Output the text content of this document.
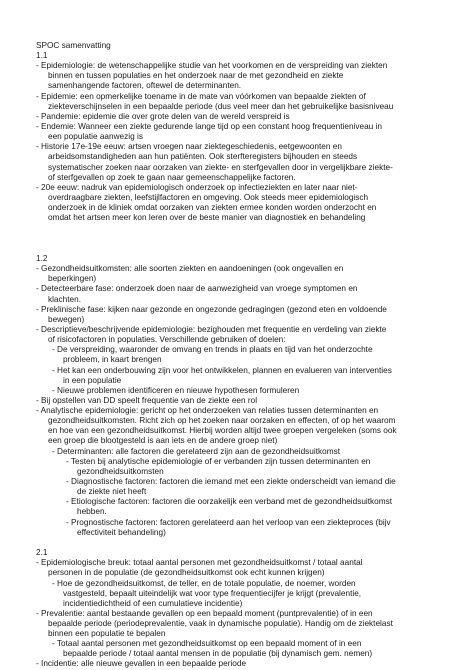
SPOC samenvatting
1.1
- Epidemiologie: de wetenschappelijke studie van het voorkomen en de verspreiding van ziekten
binnen en tussen populaties en het onderzoek naar de met gezondheid en ziekte
samenhangende factoren, oftewel de determinanten.
- Epidemie: een opmerkelijke toename in de mate van vóórkomen van bepaalde ziekten of
ziekteverschijnselen in een bepaalde periode (dus veel meer dan het gebruikelijke basisniveau
- Pandemie: epidemie die over grote delen van de wereld verspreid is
- Endemie: Wanneer een ziekte gedurende lange tijd op een constant hoog frequentieniveau in
een populatie aanwezig is
- Historie 17e-19e eeuw: artsen vroegen naar ziektegeschiedenis, eetgewoonten en
arbeidsomstandigheden aan hun patiënten. Ook sterfteregisters bijhouden en steeds
systematischer zoeken naar oorzaken van ziekte- en sterfgevallen door in vergelijkbare ziekte-
of sterfgevallen op zoek te gaan naar gemeenschappelijke factoren.
- 20e eeuw: nadruk van epidemiologisch onderzoek op infectieziekten en later naar niet-
overdraagbare ziekten, leefstijlfactoren en omgeving. Ook steeds meer epidemiologisch
onderzoek in de kliniek omdat oorzaken van ziekten ermee konden worden onderzocht en
omdat het artsen meer kon leren over de beste manier van diagnostiek en behandeling
1.2
- Gezondheidsuitkomsten: alle soorten ziekten en aandoeningen (ook ongevallen en
beperkingen)
- Detecteerbare fase: onderzoek doen naar de aanwezigheid van vroege symptomen en
klachten.
- Preklinische fase: kijken naar gezonde en ongezonde gedragingen (gezond eten en voldoende
bewegen)
- Descriptieve/beschrijvende epidemiologie: bezighouden met frequentie en verdeling van ziekte
of risicofactoren in populaties. Verschillende gebruiken of doelen:
- De verspreiding, waaronder de omvang en trends in plaats en tijd van het onderzochte
probleem, in kaart brengen
- Het kan een onderbouwing zijn voor het ontwikkelen, plannen en evalueren van interventies
in een populatie
- Nieuwe problemen identificeren en nieuwe hypothesen formuleren
- Bij opstellen van DD speelt frequentie van de ziekte een rol
- Analytische epidemiologie: gericht op het onderzoeken van relaties tussen determinanten en
gezondheidsuitkomsten. Richt zich op het zoeken naar oorzaken en effecten, of op het waarom
en hoe van een gezondheidsuitkomst. Hierbij worden altijd twee groepen vergeleken (soms ook
een groep die blootgesteld is aan iets en de andere groep niet)
- Determinanten: alle factoren die gerelateerd zijn aan de gezondheidsuitkomst
- Testen bij analytische epidemiologie of er verbanden zijn tussen determinanten en
gezondheidsuitkomsten
- Diagnostische factoren: factoren die iemand met een ziekte onderscheidt van iemand die
de ziekte niet heeft
- Etiologische factoren: factoren die oorzakelijk een verband met de gezondheidsuitkomst
hebben.
- Prognostische factoren: factoren gerelateerd aan het verloop van een ziekteproces (bijv
effectiviteit behandeling)
2.1
- Epidemiologische breuk: totaal aantal personen met gezondheidsuitkomst / totaal aantal
personen in de populatie (de gezondheidsuitkomst ook echt kunnen krijgen)
- Hoe de gezondheidsuitkomst, de teller, en de totale populatie, de noemer, worden
vastgesteld, bepaalt uiteindelijk wat voor type frequentiecijfer je krijgt (prevalentie,
incidentiedichtheid of een cumulatieve incidentie)
- Prevalentie: aantal bestaande gevallen op een bepaald moment (puntprevalentie) of in een
bepaalde periode (periodeprevalentie, vaak in dynamische populatie). Handig om de ziektelast
binnen een populatie te bepalen
- Totaal aantal personen met gezondheidsuitkomst op een bepaald moment of in een
bepaalde periode / totaal aantal mensen in de populatie (bij dynamisch gem. nemen)
- Incidentie: alle nieuwe gevallen in een bepaalde periode
